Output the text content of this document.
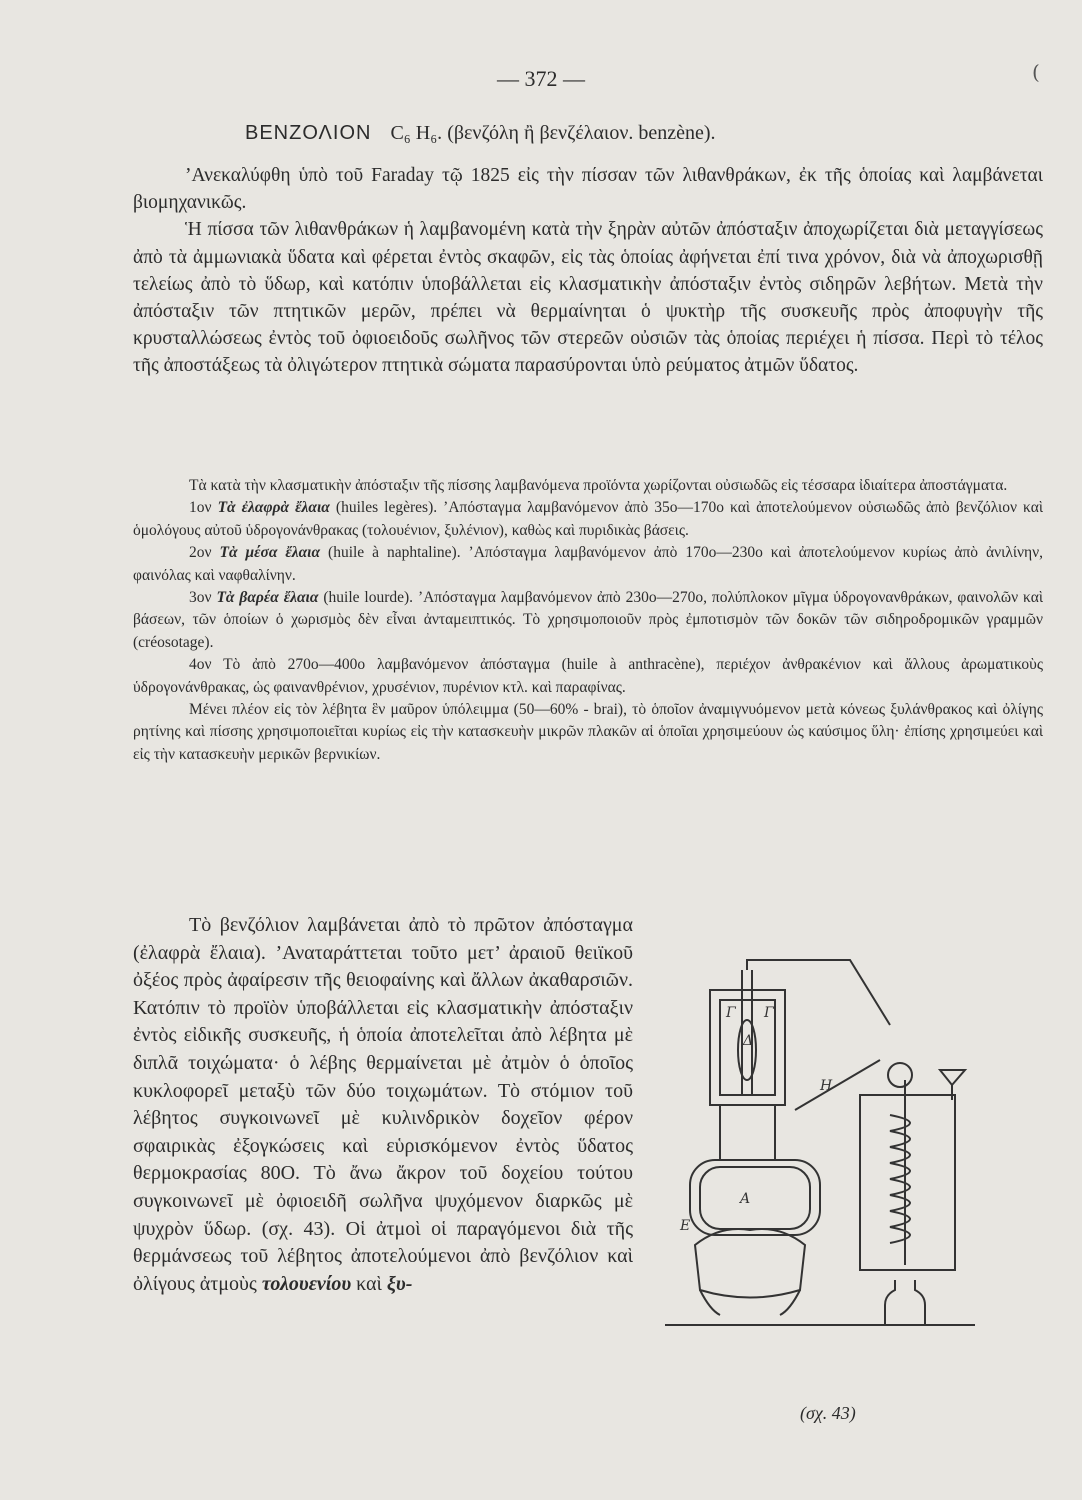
(
— 372 —
ΒΕΝΖΟΛΙΟΝ C₆ H₆. (βενζόλη ἢ βενζέλαιον. benzène).

’Ανεκαλύφθη ὑπὸ τοῦ Faraday τῷ 1825 εἰς τὴν πίσσαν τῶν λιθανθράκων, ἐκ τῆς ὁποίας καὶ λαμβάνεται βιομηχανικῶς.

Ἡ πίσσα τῶν λιθανθράκων ἡ λαμβανομένη κατὰ τὴν ξηρὰν αὐτῶν ἀπόσταξιν ἀποχωρίζεται διὰ μεταγγίσεως ἀπὸ τὰ ἀμμωνιακὰ ὕδατα καὶ φέρεται ἐντὸς σκαφῶν, εἰς τὰς ὁποίας ἀφήνεται ἐπί τινα χρόνον, διὰ νὰ ἀποχωρισθῇ τελείως ἀπὸ τὸ ὕδωρ, καὶ κατόπιν ὑποβάλλεται εἰς κλασματικὴν ἀπόσταξιν ἐντὸς σιδηρῶν λεβήτων. Μετὰ τὴν ἀπόσταξιν τῶν πτητικῶν μερῶν, πρέπει νὰ θερμαίνηται ὁ ψυκτὴρ τῆς συσκευῆς πρὸς ἀποφυγὴν τῆς κρυσταλλώσεως ἐντὸς τοῦ ὀφιοειδοῦς σωλῆνος τῶν στερεῶν οὐσιῶν τὰς ὁποίας περιέχει ἡ πίσσα. Περὶ τὸ τέλος τῆς ἀποστάξεως τὰ ὀλιγώτερον πτητικὰ σώματα παρασύρονται ὑπὸ ρεύματος ἀτμῶν ὕδατος.

Τὰ κατὰ τὴν κλασματικὴν ἀπόσταξιν τῆς πίσσης λαμβανόμενα προϊόντα χωρίζονται οὐσιωδῶς εἰς τέσσαρα ἰδιαίτερα ἀποστάγματα.

1ον Τὰ ἐλαφρὰ ἔλαια (huiles legères). ’Απόσταγμα λαμβανόμενον ἀπὸ 35ο—170ο καὶ ἀποτελούμενον οὐσιωδῶς ἀπὸ βενζόλιον καὶ ὁμολόγους αὐτοῦ ὑδρογονάνθρακας (τολουένιον, ξυλένιον), καθὼς καὶ πυριδικὰς βάσεις.

2ον Τὰ μέσα ἔλαια (huile à naphtaline). ’Απόσταγμα λαμβανόμενον ἀπὸ 170ο—230ο καὶ ἀποτελούμενον κυρίως ἀπὸ ἀνιλίνην, φαινόλας καὶ ναφθαλίνην.

3ον Τὰ βαρέα ἔλαια (huile lourde). ’Απόσταγμα λαμβανόμενον ἀπὸ 230ο—270ο, πολύπλοκον μῖγμα ὑδρογονανθράκων, φαινολῶν καὶ βάσεων, τῶν ὁποίων ὁ χωρισμὸς δὲν εἶναι ἀνταμειπτικός. Τὸ χρησιμοποιοῦν πρὸς ἐμποτισμὸν τῶν δοκῶν τῶν σιδηροδρομικῶν γραμμῶν (créosotage).

4ον Τὸ ἀπὸ 270ο—400ο λαμβανόμενον ἀπόσταγμα (huile à anthracène), περιέχον ἀνθρακένιον καὶ ἄλλους ἀρωματικοὺς ὑδρογονάνθρακας, ὡς φαινανθρένιον, χρυσένιον, πυρένιον κτλ. καὶ παραφίνας.

Μένει πλέον εἰς τὸν λέβητα ἓν μαῦρον ὑπόλειμμα (50—60% - brai), τὸ ὁποῖον ἀναμιγνυόμενον μετὰ κόνεως ξυλάνθρακος καὶ ὀλίγης ρητίνης καὶ πίσσης χρησιμοποιεῖται κυρίως εἰς τὴν κατασκευὴν μικρῶν πλακῶν αἱ ὁποῖαι χρησιμεύουν ὡς καύσιμος ὕλη· ἐπίσης χρησιμεύει καὶ εἰς τὴν κατασκευὴν μερικῶν βερνικίων.

Τὸ βενζόλιον λαμβάνεται ἀπὸ τὸ πρῶτον ἀπόσταγμα (ἐλαφρὰ ἔλαια). ’Αναταράττεται τοῦτο μετ’ ἀραιοῦ θειϊκοῦ ὀξέος πρὸς ἀφαίρεσιν τῆς θειοφαίνης καὶ ἄλλων ἀκαθαρσιῶν. Κατόπιν τὸ προϊὸν ὑποβάλλεται εἰς κλασματικὴν ἀπόσταξιν ἐντὸς εἰδικῆς συσκευῆς, ἡ ὁποία ἀποτελεῖται ἀπὸ λέβητα μὲ διπλᾶ τοιχώματα· ὁ λέβης θερμαίνεται μὲ ἀτμὸν ὁ ὁποῖος κυκλοφορεῖ μεταξὺ τῶν δύο τοιχωμάτων. Τὸ στόμιον τοῦ λέβητος συγκοινωνεῖ μὲ κυλινδρικὸν δοχεῖον φέρον σφαιρικὰς ἐξογκώσεις καὶ εὑρισκόμενον ἐντὸς ὕδατος θερμοκρασίας 80Ο. Τὸ ἄνω ἄκρον τοῦ δοχείου τούτου συγκοινωνεῖ μὲ ὀφιοειδῆ σωλῆνα ψυχόμενον διαρκῶς μὲ ψυχρὸν ὕδωρ. (σχ. 43). Οἱ ἀτμοὶ οἱ παραγόμενοι διὰ τῆς θερμάνσεως τοῦ λέβητος ἀποτελούμενοι ἀπὸ βενζόλιον καὶ ὀλίγους ἀτμοὺς τολουενίου καὶ ξυ-

Γ Γ
Α
Δ
Ε
Η
(σχ. 43)
